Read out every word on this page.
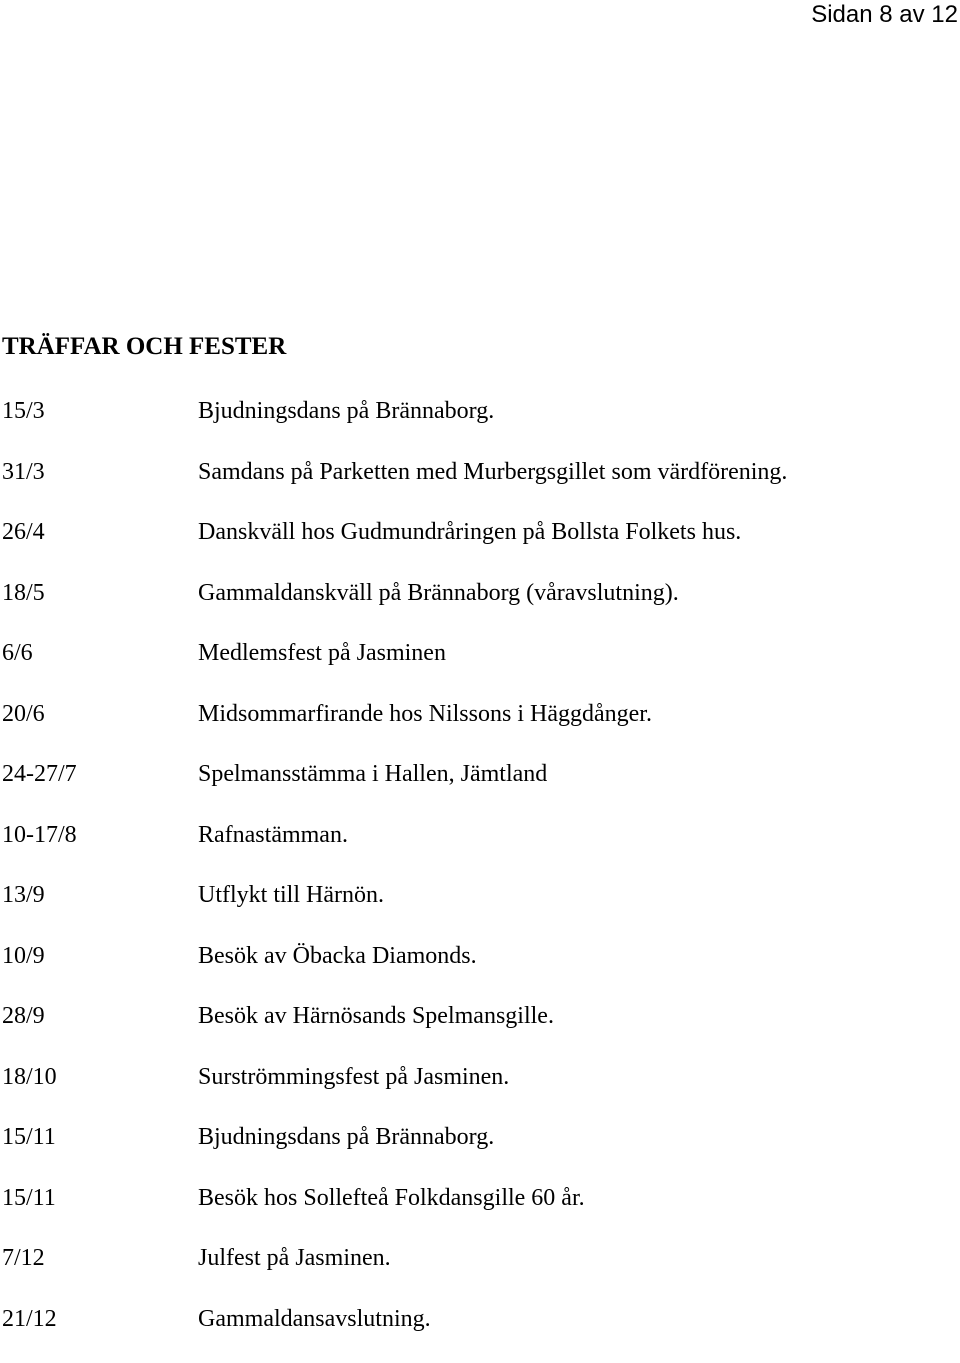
Sidan 8 av 12
TRÄFFAR OCH FESTER
15/3	Bjudningsdans på Brännaborg.
31/3	Samdans på Parketten med Murbergsgillet som värdförening.
26/4	Danskväll hos Gudmundråringen på Bollsta Folkets hus.
18/5	Gammaldanskväll på Brännaborg (våravslutning).
6/6	Medlemsfest på Jasminen
20/6	Midsommarfirande hos Nilssons i Häggdånger.
24-27/7	Spelmansstämma i Hallen, Jämtland
10-17/8	Rafnastämman.
13/9	Utflykt till Härnön.
10/9	Besök av Öbacka Diamonds.
28/9	Besök av Härnösands Spelmansgille.
18/10	Surströmmingsfest på Jasminen.
15/11	Bjudningsdans på Brännaborg.
15/11	Besök hos Sollefteå Folkdansgille 60 år.
7/12	Julfest på Jasminen.
21/12	Gammaldansavslutning.
